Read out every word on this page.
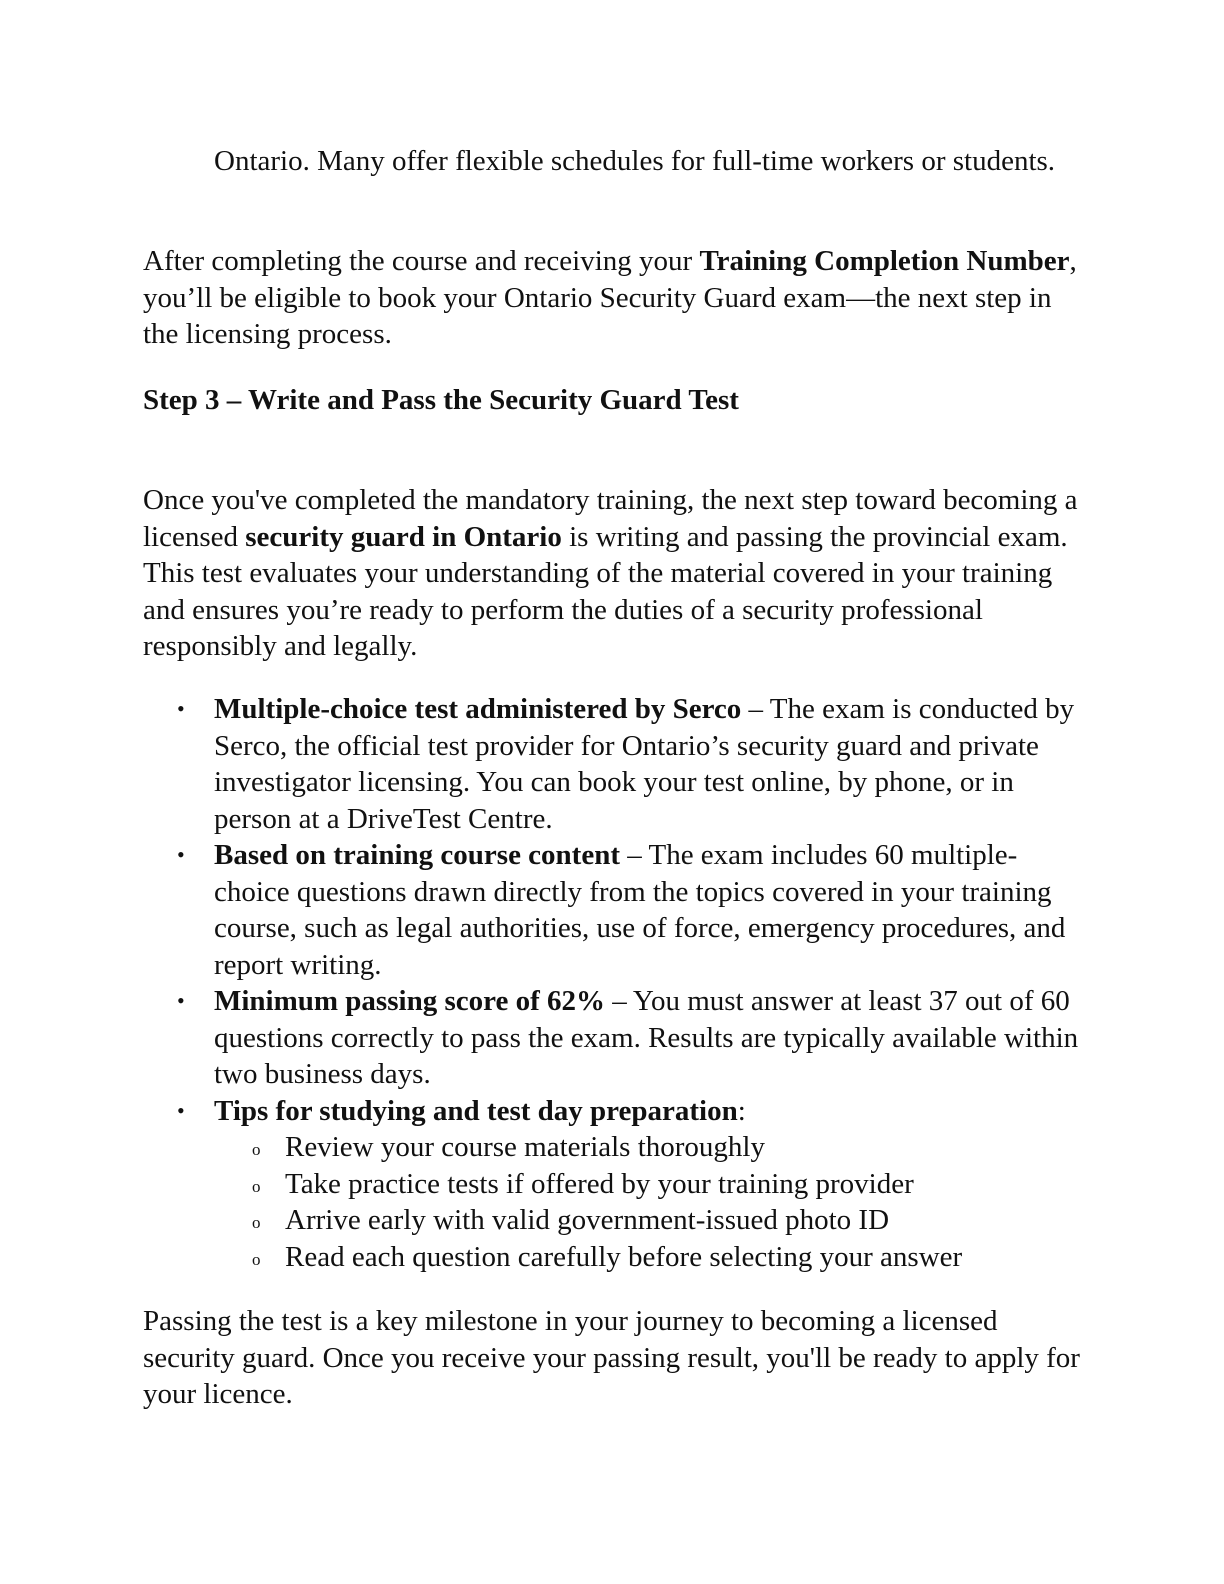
Ontario. Many offer flexible schedules for full-time workers or students.

After completing the course and receiving your Training Completion Number, you’ll be eligible to book your Ontario Security Guard exam—the next step in the licensing process.

Step 3 – Write and Pass the Security Guard Test

Once you've completed the mandatory training, the next step toward becoming a licensed security guard in Ontario is writing and passing the provincial exam. This test evaluates your understanding of the material covered in your training and ensures you’re ready to perform the duties of a security professional responsibly and legally.

• Multiple-choice test administered by Serco – The exam is conducted by Serco, the official test provider for Ontario’s security guard and private investigator licensing. You can book your test online, by phone, or in person at a DriveTest Centre.
• Based on training course content – The exam includes 60 multiple-choice questions drawn directly from the topics covered in your training course, such as legal authorities, use of force, emergency procedures, and report writing.
• Minimum passing score of 62% – You must answer at least 37 out of 60 questions correctly to pass the exam. Results are typically available within two business days.
• Tips for studying and test day preparation:
o Review your course materials thoroughly
o Take practice tests if offered by your training provider
o Arrive early with valid government-issued photo ID
o Read each question carefully before selecting your answer

Passing the test is a key milestone in your journey to becoming a licensed security guard. Once you receive your passing result, you'll be ready to apply for your licence.
